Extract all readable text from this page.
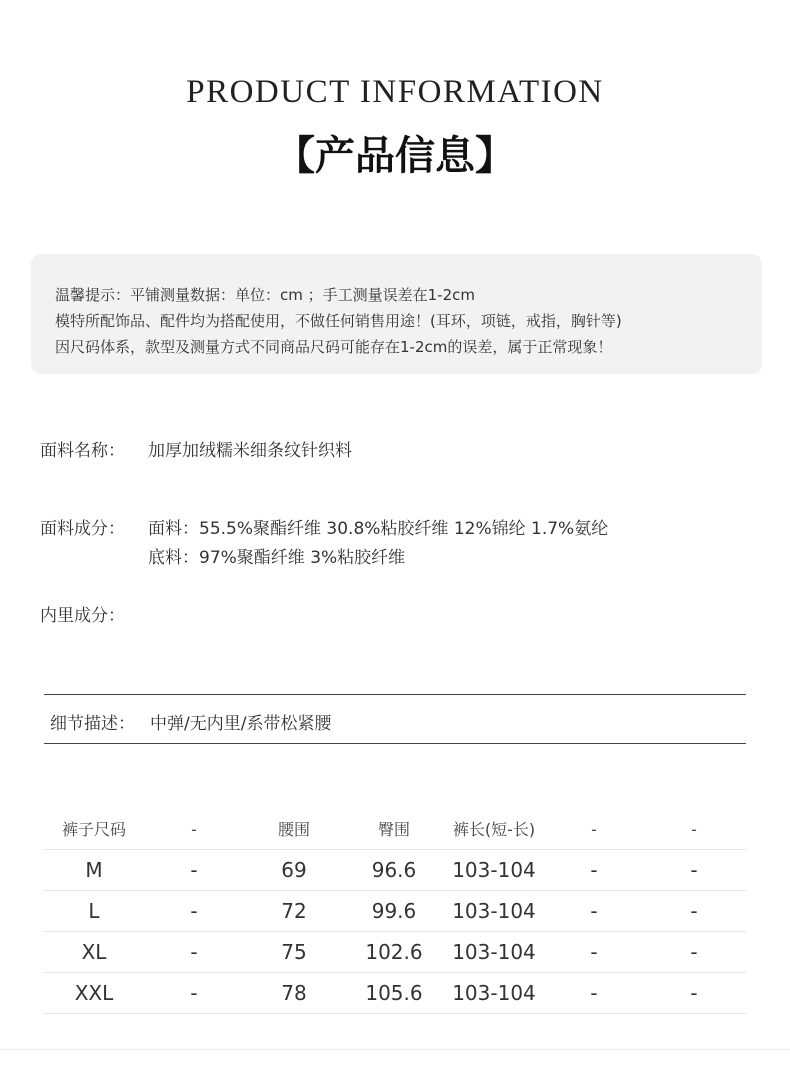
PRODUCT INFORMATION
【产品信息】
温馨提示：平铺测量数据：单位：cm ；手工测量误差在1-2cm
模特所配饰品、配件均为搭配使用，不做任何销售用途！(耳环，项链，戒指，胸针等)
因尺码体系，款型及测量方式不同商品尺码可能存在1-2cm的误差，属于正常现象！
面料名称： 加厚加绒糯米细条纹针织料
面料成分： 面料：55.5%聚酯纤维 30.8%粘胶纤维 12%锦纶 1.7%氨纶
底料：97%聚酯纤维 3%粘胶纤维
内里成分：
细节描述： 中弹/无内里/系带松紧腰
裤子尺码	-	腰围	臀围	裤长(短-长)	-	-
M	-	69	96.6	103-104	-	-
L	-	72	99.6	103-104	-	-
XL	-	75	102.6	103-104	-	-
XXL	-	78	105.6	103-104	-	-
